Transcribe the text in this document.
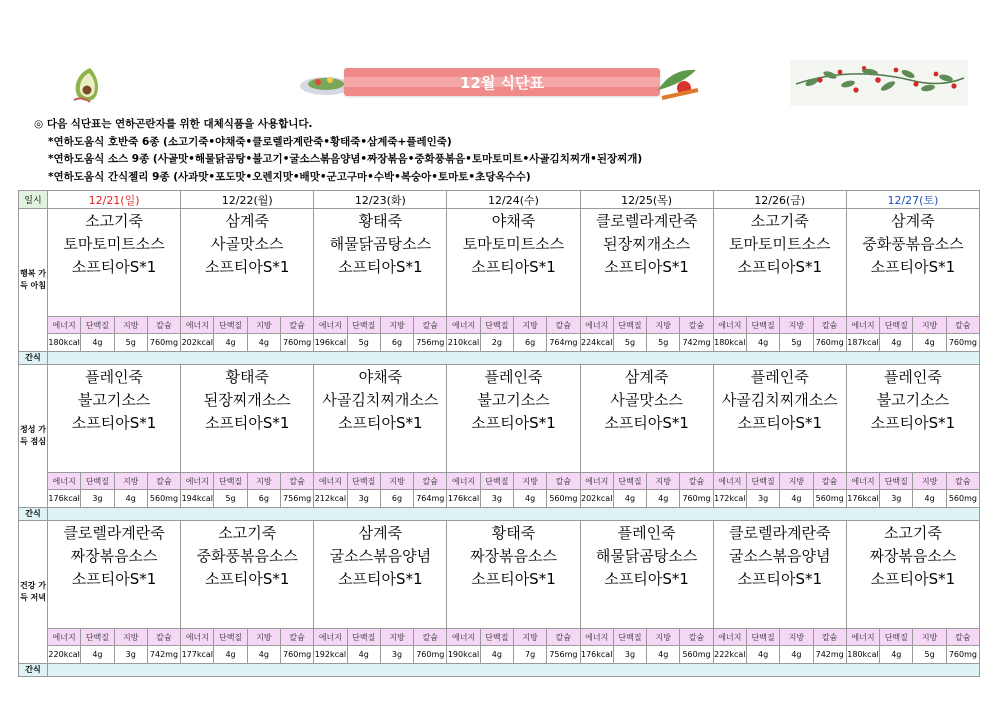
12월 식단표
◎ 다음 식단표는 연하곤란자를 위한 대체식품을 사용합니다.
*연하도움식 호반죽 6종 (소고기죽•야채죽•클로렐라계란죽•황태죽•삼계죽+플레인죽)
*연하도움식 소스 9종 (사골맛•해물닭곰탕•불고기•굴소스볶음양념•짜장볶음•중화풍볶음•토마토미트•사골김치찌개•된장찌개)
*연하도움식 간식젤리 9종 (사과맛•포도맛•오렌지맛•배맛•군고구마•수박•복숭아•토마토•초당옥수수)
일시	12/21(일)	12/22(월)	12/23(화)	12/24(수)	12/25(목)	12/26(금)	12/27(토)
행복 가득 아침	소고기죽
토마토미트소스
소프티아S*1	삼계죽
사골맛소스
소프티아S*1	황태죽
해물닭곰탕소스
소프티아S*1	야채죽
토마토미트소스
소프티아S*1	클로렐라계란죽
된장찌개소스
소프티아S*1	소고기죽
토마토미트소스
소프티아S*1	삼계죽
중화풍볶음소스
소프티아S*1

에너지 단백질 지방 칼슘	에너지 단백질 지방 칼슘	에너지 단백질 지방 칼슘	에너지 단백질 지방 칼슘	에너지 단백질 지방 칼슘	에너지 단백질 지방 칼슘	에너지 단백질 지방 칼슘

180kcal 4g 5g 760mg	202kcal 4g 4g 760mg	196kcal 5g 6g 756mg	210kcal 2g 6g 764mg	224kcal 5g 5g 742mg	180kcal 4g 5g 760mg	187kcal 4g 4g 760mg

간식							
정성 가득 점심	플레인죽
불고기소스
소프티아S*1	황태죽
된장찌개소스
소프티아S*1	야채죽
사골김치찌개소스
소프티아S*1	플레인죽
불고기소스
소프티아S*1	삼계죽
사골맛소스
소프티아S*1	플레인죽
사골김치찌개소스
소프티아S*1	플레인죽
불고기소스
소프티아S*1

에너지 단백질 지방 칼슘	에너지 단백질 지방 칼슘	에너지 단백질 지방 칼슘	에너지 단백질 지방 칼슘	에너지 단백질 지방 칼슘	에너지 단백질 지방 칼슘	에너지 단백질 지방 칼슘

176kcal 3g 4g 560mg	194kcal 5g 6g 756mg	212kcal 3g 6g 764mg	176kcal 3g 4g 560mg	202kcal 4g 4g 760mg	172kcal 3g 4g 560mg	176kcal 3g 4g 560mg

간식							
건강 가득 저녁	클로렐라계란죽
짜장볶음소스
소프티아S*1	소고기죽
중화풍볶음소스
소프티아S*1	삼계죽
굴소스볶음양념
소프티아S*1	황태죽
짜장볶음소스
소프티아S*1	플레인죽
해물닭곰탕소스
소프티아S*1	클로렐라계란죽
굴소스볶음양념
소프티아S*1	소고기죽
짜장볶음소스
소프티아S*1

에너지 단백질 지방 칼슘	에너지 단백질 지방 칼슘	에너지 단백질 지방 칼슘	에너지 단백질 지방 칼슘	에너지 단백질 지방 칼슘	에너지 단백질 지방 칼슘	에너지 단백질 지방 칼슘

220kcal 4g 3g 742mg	177kcal 4g 4g 760mg	192kcal 4g 3g 760mg	190kcal 4g 7g 756mg	176kcal 3g 4g 560mg	222kcal 4g 4g 742mg	180kcal 4g 5g 760mg

간식							
